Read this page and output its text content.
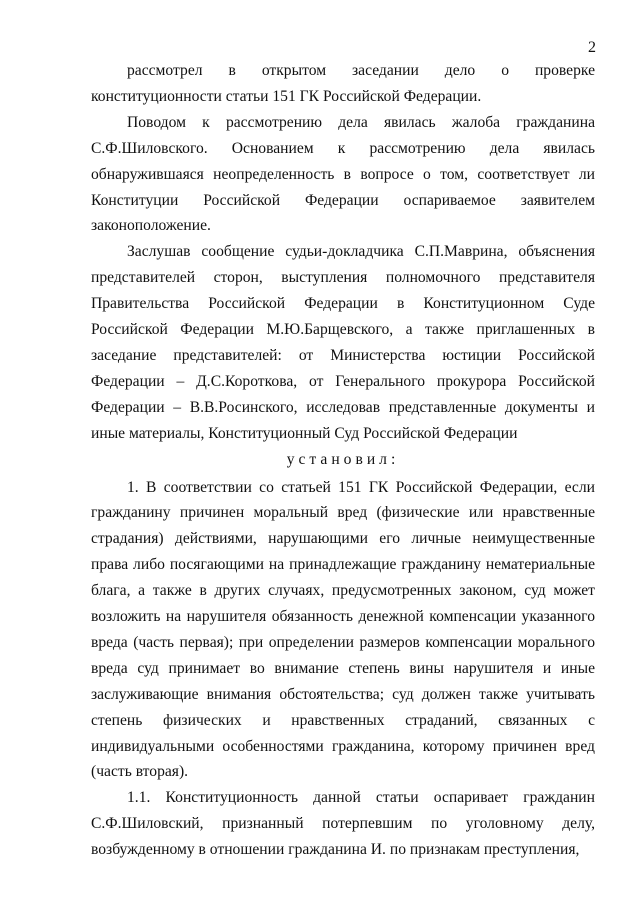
2

рассмотрел в открытом заседании дело о проверке конституционности статьи 151 ГК Российской Федерации.

Поводом к рассмотрению дела явилась жалоба гражданина С.Ф.Шиловского. Основанием к рассмотрению дела явилась обнаружившаяся неопределенность в вопросе о том, соответствует ли Конституции Российской Федерации оспариваемое заявителем законоположение.

Заслушав сообщение судьи-докладчика С.П.Маврина, объяснения представителей сторон, выступления полномочного представителя Правительства Российской Федерации в Конституционном Суде Российской Федерации М.Ю.Барщевского, а также приглашенных в заседание представителей: от Министерства юстиции Российской Федерации – Д.С.Короткова, от Генерального прокурора Российской Федерации – В.В.Росинского, исследовав представленные документы и иные материалы, Конституционный Суд Российской Федерации

установил:

1. В соответствии со статьей 151 ГК Российской Федерации, если гражданину причинен моральный вред (физические или нравственные страдания) действиями, нарушающими его личные неимущественные права либо посягающими на принадлежащие гражданину нематериальные блага, а также в других случаях, предусмотренных законом, суд может возложить на нарушителя обязанность денежной компенсации указанного вреда (часть первая); при определении размеров компенсации морального вреда суд принимает во внимание степень вины нарушителя и иные заслуживающие внимания обстоятельства; суд должен также учитывать степень физических и нравственных страданий, связанных с индивидуальными особенностями гражданина, которому причинен вред (часть вторая).

1.1. Конституционность данной статьи оспаривает гражданин С.Ф.Шиловский, признанный потерпевшим по уголовному делу, возбужденному в отношении гражданина И. по признакам преступления,
